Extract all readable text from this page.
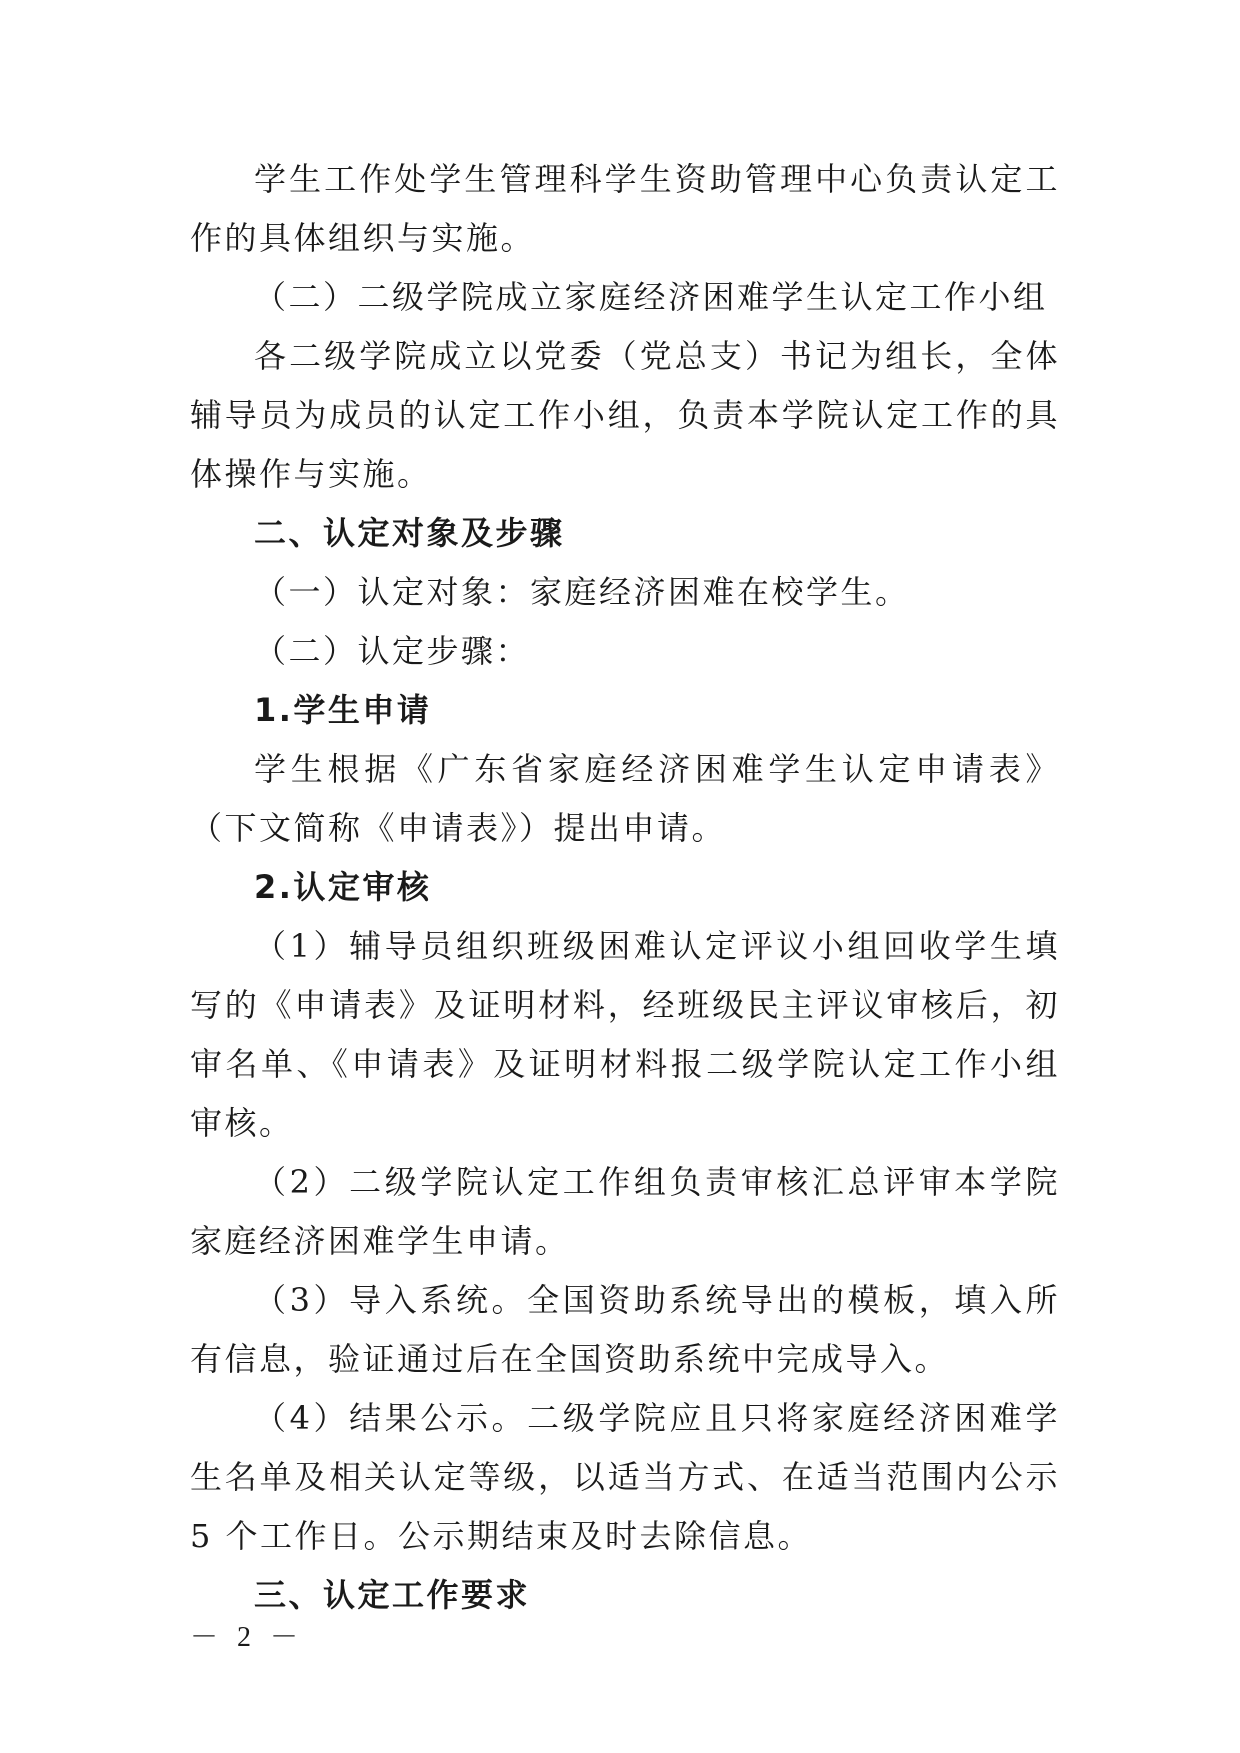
学生工作处学生管理科学生资助管理中心负责认定工作的具体组织与实施。

（二）二级学院成立家庭经济困难学生认定工作小组

各二级学院成立以党委（党总支）书记为组长，全体辅导员为成员的认定工作小组，负责本学院认定工作的具体操作与实施。

二、认定对象及步骤

（一）认定对象：家庭经济困难在校学生。

（二）认定步骤：

1.学生申请

学生根据《广东省家庭经济困难学生认定申请表》（下文简称《申请表》）提出申请。

2.认定审核

（1）辅导员组织班级困难认定评议小组回收学生填写的《申请表》及证明材料，经班级民主评议审核后，初审名单、《申请表》及证明材料报二级学院认定工作小组审核。

（2）二级学院认定工作组负责审核汇总评审本学院家庭经济困难学生申请。

（3）导入系统。全国资助系统导出的模板，填入所有信息，验证通过后在全国资助系统中完成导入。

（4）结果公示。二级学院应且只将家庭经济困难学生名单及相关认定等级，以适当方式、在适当范围内公示 5 个工作日。公示期结束及时去除信息。

三、认定工作要求

－ 2 －
